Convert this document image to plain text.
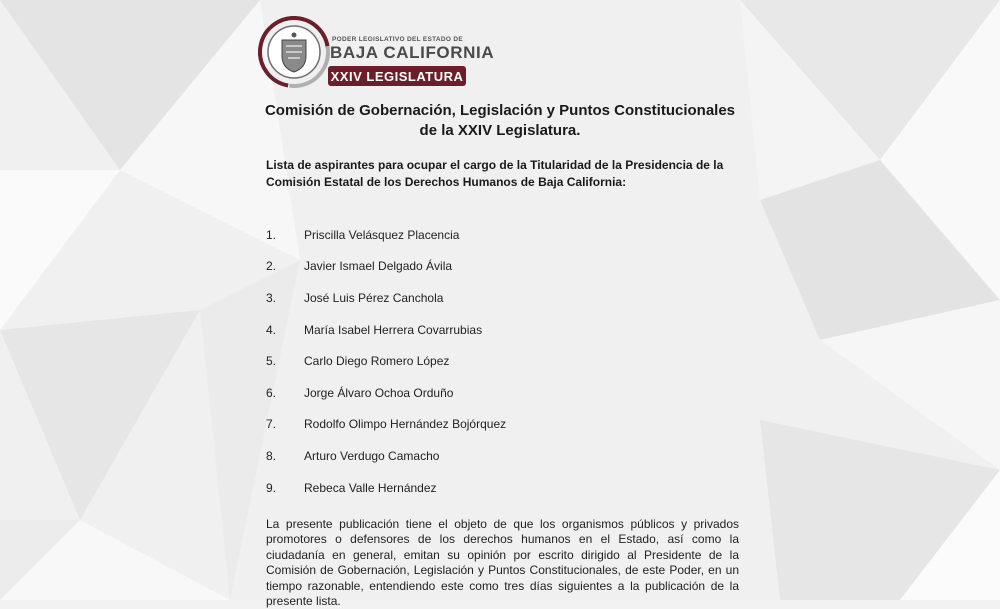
PODER LEGISLATIVO DEL ESTADO DE
BAJA CALIFORNIA
XXIV LEGISLATURA
Comisión de Gobernación, Legislación y Puntos Constitucionales
de la XXIV Legislatura.
Lista de aspirantes para ocupar el cargo de la Titularidad de la Presidencia de la Comisión Estatal de los Derechos Humanos de Baja California:
1.	Priscilla Velásquez Placencia
2.	Javier Ismael Delgado Ávila
3.	José Luis Pérez Canchola
4.	María Isabel Herrera Covarrubias
5.	Carlo Diego Romero López
6.	Jorge Álvaro Ochoa Orduño
7.	Rodolfo Olimpo Hernández Bojórquez
8.	Arturo Verdugo Camacho
9.	Rebeca Valle Hernández

La presente publicación tiene el objeto de que los organismos públicos y privados promotores o defensores de los derechos humanos en el Estado, así como la ciudadanía en general, emitan su opinión por escrito dirigido al Presidente de la Comisión de Gobernación, Legislación y Puntos Constitucionales, de este Poder, en un tiempo razonable, entendiendo este como tres días siguientes a la publicación de la presente lista.
